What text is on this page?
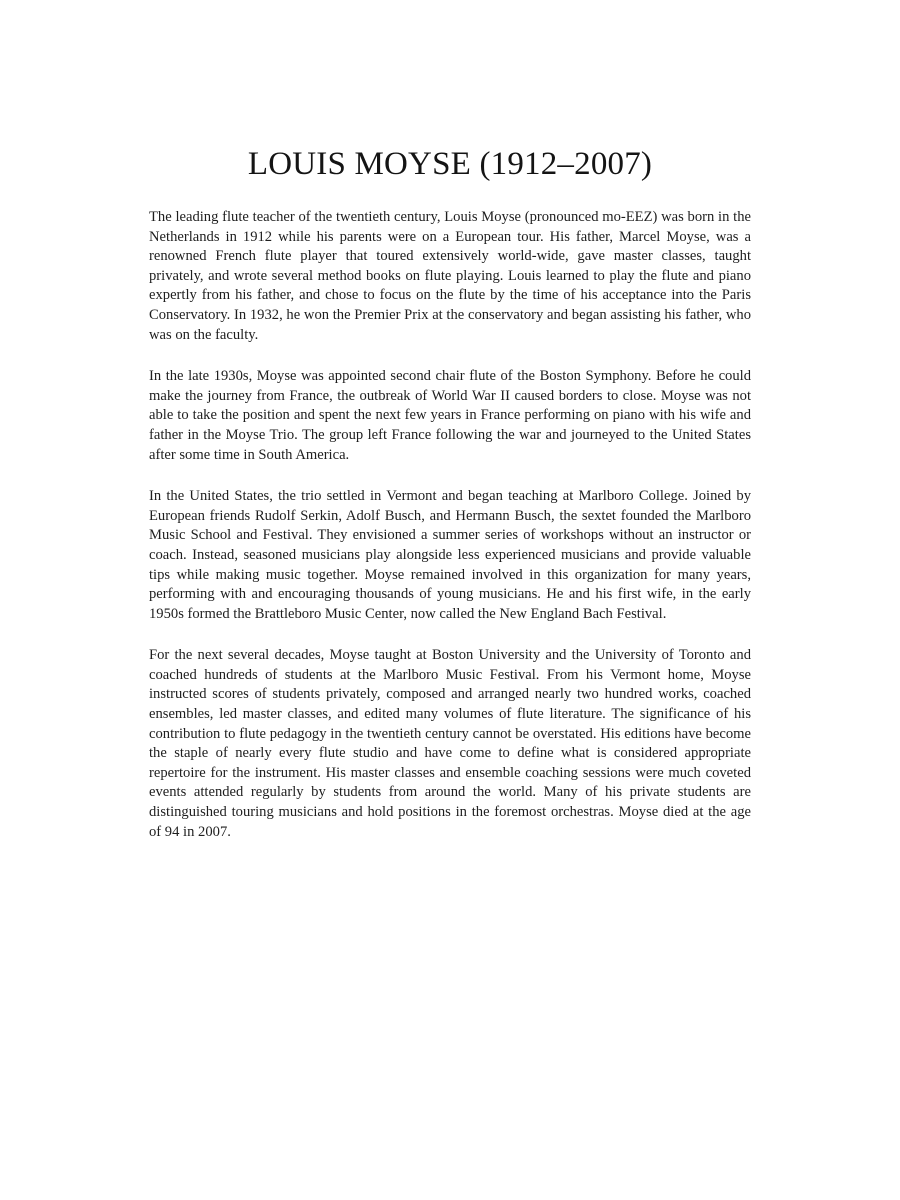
LOUIS MOYSE (1912–2007)

The leading flute teacher of the twentieth century, Louis Moyse (pronounced mo-EEZ) was born in the Netherlands in 1912 while his parents were on a European tour. His father, Marcel Moyse, was a renowned French flute player that toured extensively world-wide, gave master classes, taught privately, and wrote several method books on flute playing. Louis learned to play the flute and piano expertly from his father, and chose to focus on the flute by the time of his acceptance into the Paris Conservatory. In 1932, he won the Premier Prix at the conservatory and began assisting his father, who was on the faculty.

In the late 1930s, Moyse was appointed second chair flute of the Boston Symphony. Before he could make the journey from France, the outbreak of World War II caused borders to close. Moyse was not able to take the position and spent the next few years in France performing on piano with his wife and father in the Moyse Trio. The group left France following the war and journeyed to the United States after some time in South America.

In the United States, the trio settled in Vermont and began teaching at Marlboro College. Joined by European friends Rudolf Serkin, Adolf Busch, and Hermann Busch, the sextet founded the Marlboro Music School and Festival. They envisioned a summer series of workshops without an instructor or coach. Instead, seasoned musicians play alongside less experienced musicians and provide valuable tips while making music together. Moyse remained involved in this organization for many years, performing with and encouraging thousands of young musicians. He and his first wife, in the early 1950s formed the Brattleboro Music Center, now called the New England Bach Festival.

For the next several decades, Moyse taught at Boston University and the University of Toronto and coached hundreds of students at the Marlboro Music Festival. From his Vermont home, Moyse instructed scores of students privately, composed and arranged nearly two hundred works, coached ensembles, led master classes, and edited many volumes of flute literature. The significance of his contribution to flute pedagogy in the twentieth century cannot be overstated. His editions have become the staple of nearly every flute studio and have come to define what is considered appropriate repertoire for the instrument. His master classes and ensemble coaching sessions were much coveted events attended regularly by students from around the world. Many of his private students are distinguished touring musicians and hold positions in the foremost orchestras. Moyse died at the age of 94 in 2007.
